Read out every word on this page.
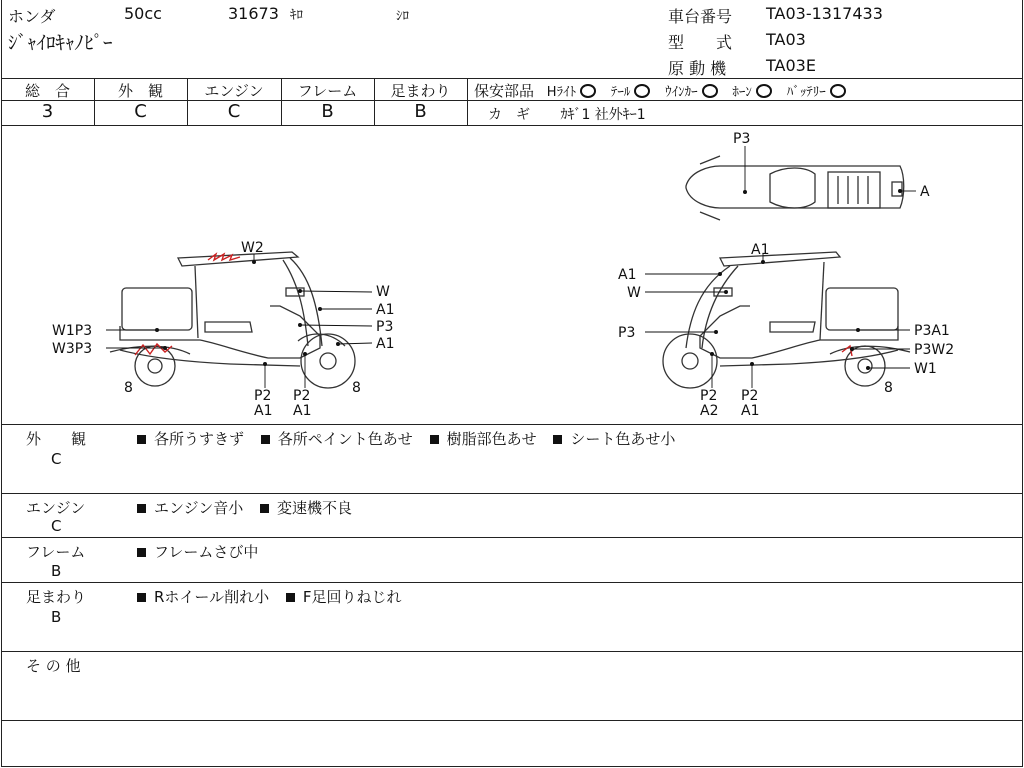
ホンダ	50cc	31673 ｷﾛ	ｼﾛ
ｼﾞｬｲﾛｷｬﾉﾋﾟｰ
車台番号 TA03-1317433
型　　式 TA03
原 動 機 TA03E
総　合	外　観	エンジン	フレーム	足まわり
3	C	C	B	B
保安部品 Hﾗｲﾄ	ﾃｰﾙ	ｳｲﾝｶｰ	ﾎｰﾝ	ﾊﾞｯﾃﾘｰ
カ　ギ ｶｷﾞ1 社外ｷｰ1
W2
W
A1
P3
A1
W1P3
W3P3
8	8
P2
A1
P2
A1
A1
A1
W
P3	P3A1
P3W2
W1
8
P2
A2
P2
A1
P3
A
外　　観
C
各所うすきず 各所ペイント色あせ 樹脂部色あせ シート色あせ小
エンジン
C
エンジン音小 変速機不良
フレーム
B
フレームさび中
足まわり
B
Rホイール削れ小 F足回りねじれ
そ の 他
